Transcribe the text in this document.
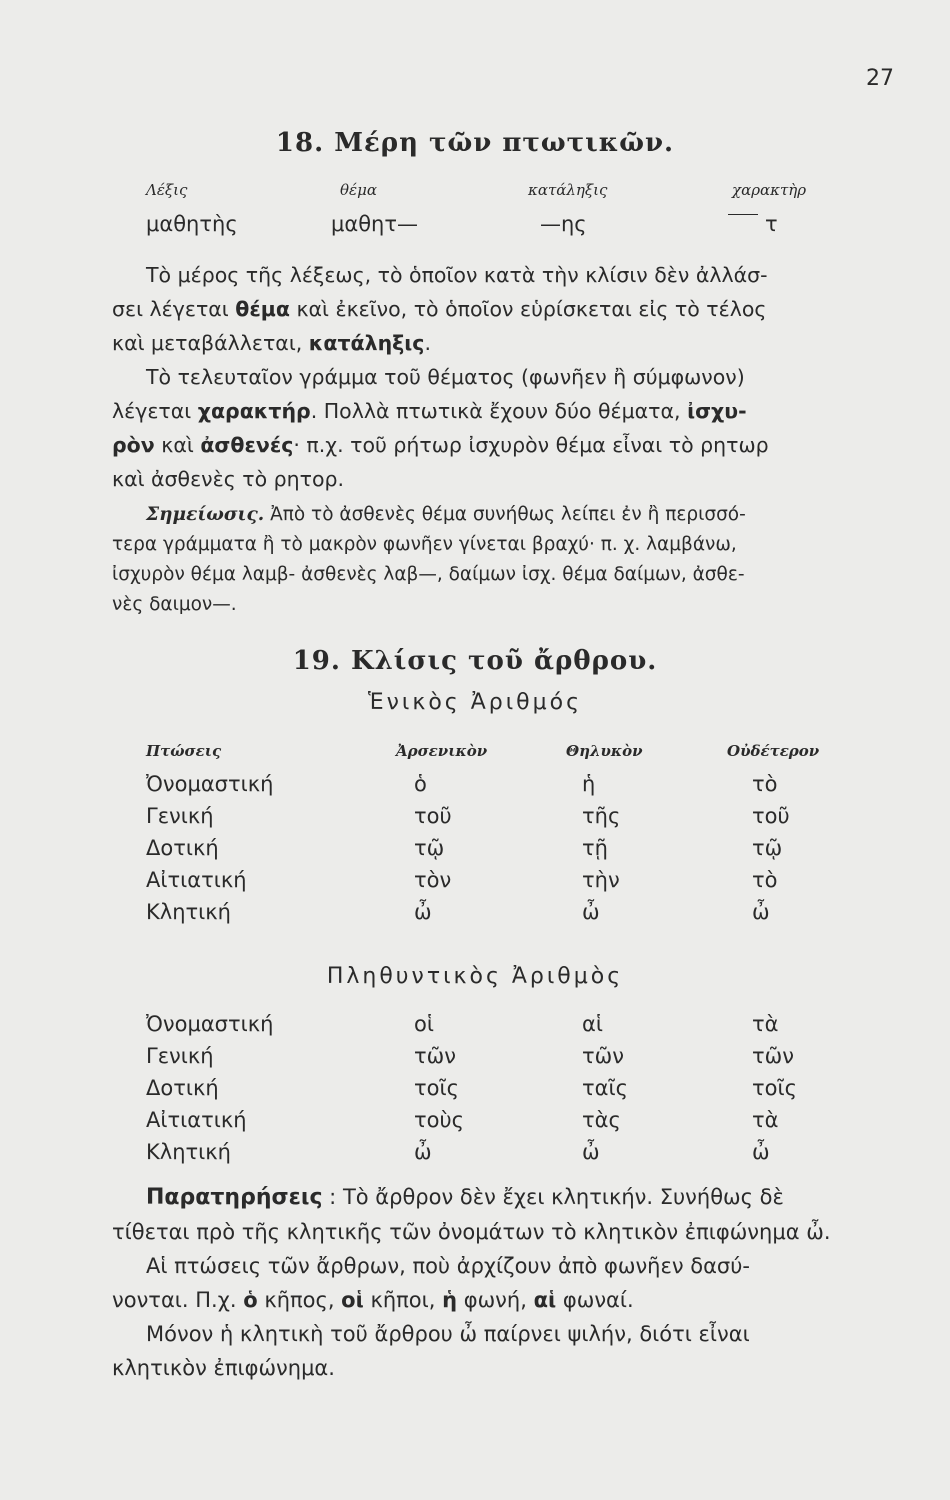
27
18. Μέρη τῶν πτωτικῶν.
Λέξις	θέμα	κατάληξις	χαρακτὴρ
μαθητὴς	μαθητ—	—ης	τ
Τὸ μέρος τῆς λέξεως, τὸ ὁποῖον κατὰ τὴν κλίσιν δὲν ἀλλάσ-
σει λέγεται θέμα καὶ ἐκεῖνο, τὸ ὁποῖον εὑρίσκεται εἰς τὸ τέλος
καὶ μεταβάλλεται, κατάληξις.
Τὸ τελευταῖον γράμμα τοῦ θέματος (φωνῆεν ἢ σύμφωνον)
λέγεται χαρακτήρ. Πολλὰ πτωτικὰ ἔχουν δύο θέματα, ἰσχυ-
ρὸν καὶ ἀσθενές· π.χ. τοῦ ρήτωρ ἰσχυρὸν θέμα εἶναι τὸ ρητωρ
καὶ ἀσθενὲς τὸ ρητορ.
Σημείωσις. Ἀπὸ τὸ ἀσθενὲς θέμα συνήθως λείπει ἐν ἢ περισσό-
τερα γράμματα ἢ τὸ μακρὸν φωνῆεν γίνεται βραχύ· π. χ. λαμβάνω,
ἰσχυρὸν θέμα λαμβ- ἀσθενὲς λαβ—, δαίμων ἰσχ. θέμα δαίμων, ἀσθε-
νὲς δαιμον—.
19. Κλίσις τοῦ ἄρθρου.
Ἑνικὸς Ἀριθμός
Πτώσεις	Ἀρσενικὸν	Θηλυκὸν	Οὐδέτερον
Ὀνομαστική	ὁ	ἡ	τὸ
Γενική	τοῦ	τῆς	τοῦ
Δοτική	τῷ	τῇ	τῷ
Αἰτιατική	τὸν	τὴν	τὸ
Κλητική	ὦ	ὦ	ὦ
Πληθυντικὸς Ἀριθμὸς
Ὀνομαστική	οἱ	αἱ	τὰ
Γενική	τῶν	τῶν	τῶν
Δοτική	τοῖς	ταῖς	τοῖς
Αἰτιατική	τοὺς	τὰς	τὰ
Κλητική	ὦ	ὦ	ὦ
Παρατηρήσεις : Τὸ ἄρθρον δὲν ἔχει κλητικήν. Συνήθως δὲ
τίθεται πρὸ τῆς κλητικῆς τῶν ὀνομάτων τὸ κλητικὸν ἐπιφώνημα ὦ.
Αἱ πτώσεις τῶν ἄρθρων, ποὺ ἀρχίζουν ἀπὸ φωνῆεν δασύ-
νονται. Π.χ. ὁ κῆπος, οἱ κῆποι, ἡ φωνή, αἱ φωναί.
Μόνον ἡ κλητικὴ τοῦ ἄρθρου ὦ παίρνει ψιλήν, διότι εἶναι
κλητικὸν ἐπιφώνημα.
